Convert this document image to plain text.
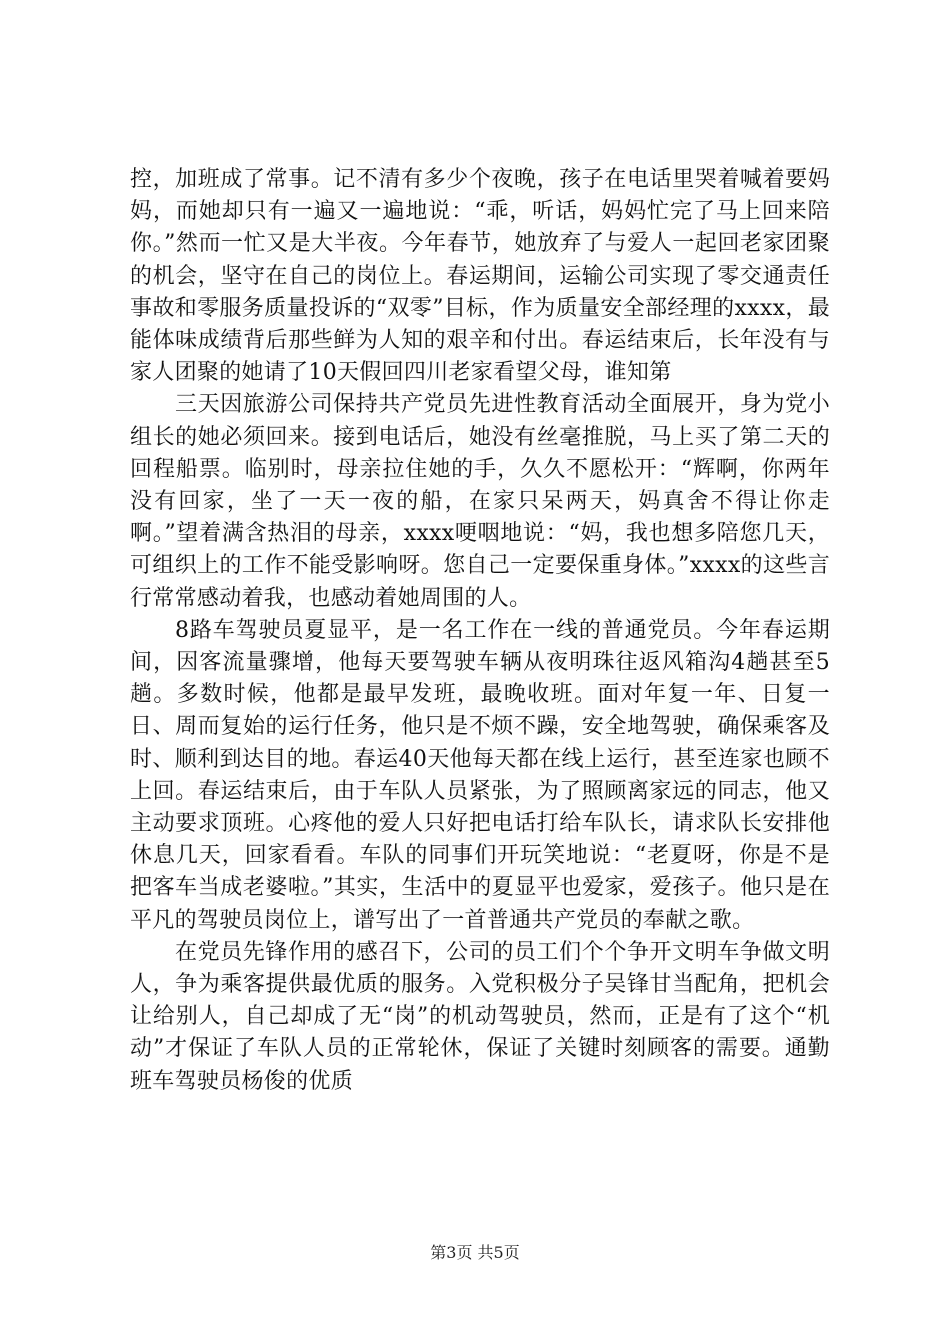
控，加班成了常事。记不清有多少个夜晚，孩子在电话里哭着喊着要妈妈，而她却只有一遍又一遍地说：“乖，听话，妈妈忙完了马上回来陪你。”然而一忙又是大半夜。今年春节，她放弃了与爱人一起回老家团聚的机会，坚守在自己的岗位上。春运期间，运输公司实现了零交通责任事故和零服务质量投诉的“双零”目标，作为质量安全部经理的xxxx，最能体味成绩背后那些鲜为人知的艰辛和付出。春运结束后，长年没有与家人团聚的她请了10天假回四川老家看望父母，谁知第

三天因旅游公司保持共产党员先进性教育活动全面展开，身为党小组长的她必须回来。接到电话后，她没有丝毫推脱，马上买了第二天的回程船票。临别时，母亲拉住她的手，久久不愿松开：“辉啊，你两年没有回家，坐了一天一夜的船，在家只呆两天，妈真舍不得让你走啊。”望着满含热泪的母亲，xxxx哽咽地说：“妈，我也想多陪您几天，可组织上的工作不能受影响呀。您自己一定要保重身体。”xxxx的这些言行常常感动着我，也感动着她周围的人。

8路车驾驶员夏显平，是一名工作在一线的普通党员。今年春运期间，因客流量骤增，他每天要驾驶车辆从夜明珠往返风箱沟4趟甚至5趟。多数时候，他都是最早发班，最晚收班。面对年复一年、日复一日、周而复始的运行任务，他只是不烦不躁，安全地驾驶，确保乘客及时、顺利到达目的地。春运40天他每天都在线上运行，甚至连家也顾不上回。春运结束后，由于车队人员紧张，为了照顾离家远的同志，他又主动要求顶班。心疼他的爱人只好把电话打给车队长，请求队长安排他休息几天，回家看看。车队的同事们开玩笑地说：“老夏呀，你是不是把客车当成老婆啦。”其实，生活中的夏显平也爱家，爱孩子。他只是在平凡的驾驶员岗位上，谱写出了一首普通共产党员的奉献之歌。

在党员先锋作用的感召下，公司的员工们个个争开文明车争做文明人，争为乘客提供最优质的服务。入党积极分子吴锋甘当配角，把机会让给别人，自己却成了无“岗”的机动驾驶员，然而，正是有了这个“机动”才保证了车队人员的正常轮休，保证了关键时刻顾客的需要。通勤班车驾驶员杨俊的优质

第3页 共5页
